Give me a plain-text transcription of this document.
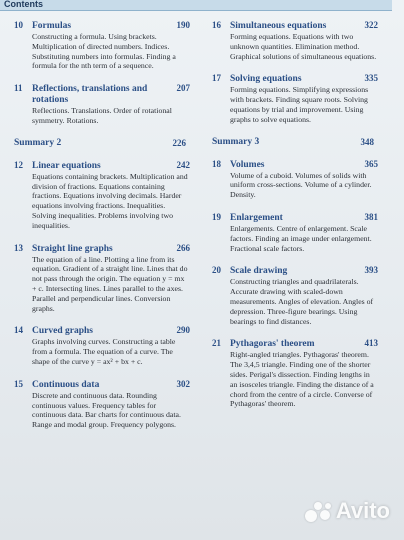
Contents
10 Formulas	190
Constructing a formula. Using brackets. Multiplication of directed numbers. Indices. Substituting numbers into formulas. Finding a formula for the nth term of a sequence.
11 Reflections, translations and rotations
207
Reflections. Translations. Order of rotational symmetry. Rotations.
Summary 2	226
12 Linear equations	242
Equations containing brackets. Multiplication and division of fractions. Equations containing fractions. Equations involving decimals. Harder equations involving fractions. Inequalities. Solving inequalities. Problems involving two inequalities.
13 Straight line graphs	266
The equation of a line. Plotting a line from its equation. Gradient of a straight line. Lines that do not pass through the origin. The equation y = mx + c. Intersecting lines. Lines parallel to the axes. Parallel and perpendicular lines. Conversion graphs.
14 Curved graphs	290
Graphs involving curves. Constructing a table from a formula. The equation of a curve. The shape of the curve y = ax² + bx + c.
15 Continuous data	302
Discrete and continuous data. Rounding continuous values. Frequency tables for continuous data. Bar charts for continuous data. Range and modal group. Frequency polygons.
16 Simultaneous equations	322
Forming equations. Equations with two unknown quantities. Elimination method. Graphical solutions of simultaneous equations.
17 Solving equations	335
Forming equations. Simplifying expressions with brackets. Finding square roots. Solving equations by trial and improvement. Using graphs to solve equations.
Summary 3	348
18 Volumes	365
Volume of a cuboid. Volumes of solids with uniform cross-sections. Volume of a cylinder. Density.
19 Enlargement	381
Enlargements. Centre of enlargement. Scale factors. Finding an image under enlargement. Fractional scale factors.
20 Scale drawing	393
Constructing triangles and quadrilaterals. Accurate drawing with scaled-down measurements. Angles of elevation. Angles of depression. Three-figure bearings. Using bearings to find distances.
21 Pythagoras' theorem	413
Right-angled triangles. Pythagoras' theorem. The 3,4,5 triangle. Finding one of the shorter sides. Perigal's dissection. Finding lengths in an isosceles triangle. Finding the distance of a chord from the centre of a circle. Converse of Pythagoras' theorem.
Avito
